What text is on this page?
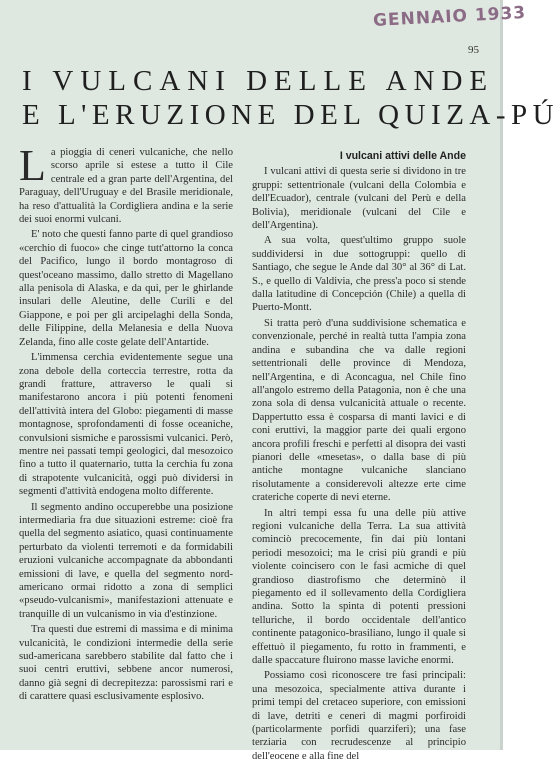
GENNAIO 1933
95
I VULCANI DELLE ANDE
E L'ERUZIONE DEL QUIZA-PÚ

La pioggia di ceneri vulcaniche, che nello scorso aprile si estese a tutto il Cile centrale ed a gran parte dell'Argentina, del Paraguay, dell'Uruguay e del Brasile meridionale, ha reso d'attualità la Cordigliera andina e la serie dei suoi enormi vulcani.

E' noto che questi fanno parte di quel grandioso «cerchio di fuoco» che cinge tutt'attorno la conca del Pacifico, lungo il bordo montagroso di quest'oceano massimo, dallo stretto di Magellano alla penisola di Alaska, e da qui, per le ghirlande insulari delle Aleutine, delle Curili e del Giappone, e poi per gli arcipelaghi della Sonda, delle Filippine, della Melanesia e della Nuova Zelanda, fino alle coste gelate dell'Antartide.

L'immensa cerchia evidentemente segue una zona debole della corteccia terrestre, rotta da grandi fratture, attraverso le quali si manifestarono ancora i più potenti fenomeni dell'attività intera del Globo: piegamenti di masse montagnose, sprofondamenti di fosse oceaniche, convulsioni sismiche e parossismi vulcanici. Però, mentre nei passati tempi geologici, dal mesozoico fino a tutto il quaternario, tutta la cerchia fu zona di strapotente vulcanicità, oggi può dividersi in segmenti d'attività endogena molto differente.

Il segmento andino occuperebbe una posizione intermediaria fra due situazioni estreme: cioè fra quella del segmento asiatico, quasi continuamente perturbato da violenti terremoti e da formidabili eruzioni vulcaniche accompagnate da abbondanti emissioni di lave, e quella del segmento nord-americano ormai ridotto a zona di semplici «pseudo-vulcanismi», manifestazioni attenuate e tranquille di un vulcanismo in via d'estinzione.

Tra questi due estremi di massima e di minima vulcanicità, le condizioni intermedie della serie sud-americana sarebbero stabilite dal fatto che i suoi centri eruttivi, sebbene ancor numerosi, danno già segni di decrepitezza: parossismi rari e di carattere quasi esclusivamente esplosivo.

I vulcani attivi delle Ande

I vulcani attivi di questa serie si dividono in tre gruppi: settentrionale (vulcani della Colombia e dell'Ecuador), centrale (vulcani del Perù e della Bolivia), meridionale (vulcani del Cile e dell'Argentina).

A sua volta, quest'ultimo gruppo suole suddividersi in due sottogruppi: quello di Santiago, che segue le Ande dal 30° al 36° di Lat. S., e quello di Valdivia, che press'a poco si stende dalla latitudine di Concepción (Chile) a quella di Puerto-Montt.

Si tratta però d'una suddivisione schematica e convenzionale, perché in realtà tutta l'ampia zona andina e subandina che va dalle regioni settentrionali delle province di Mendoza, nell'Argentina, e di Aconcagua, nel Chile fino all'angolo estremo della Patagonia, non è che una zona sola di densa vulcanicità attuale o recente. Dappertutto essa è cosparsa di manti lavici e di coni eruttivi, la maggior parte dei quali ergono ancora profili freschi e perfetti al disopra dei vasti pianori delle «mesetas», o dalla base di più antiche montagne vulcaniche slanciano risolutamente a considerevoli altezze erte cime crateriche coperte di nevi eterne.

In altri tempi essa fu una delle più attive regioni vulcaniche della Terra. La sua attività cominciò precocemente, fin dai più lontani periodi mesozoici; ma le crisi più grandi e più violente coincisero con le fasi acmiche di quel grandioso diastrofismo che determinò il piegamento ed il sollevamento della Cordigliera andina. Sotto la spinta di potenti pressioni telluriche, il bordo occidentale dell'antico continente patagonico-brasiliano, lungo il quale si effettuò il piegamento, fu rotto in frammenti, e dalle spaccature fluirono masse laviche enormi.

Possiamo così riconoscere tre fasi principali: una mesozoica, specialmente attiva durante i primi tempi del cretaceo superiore, con emissioni di lave, detriti e ceneri di magmi porfiroidi (particolarmente porfidi quarziferi); una fase terziaria con recrudescenze al principio dell'eocene e alla fine del
